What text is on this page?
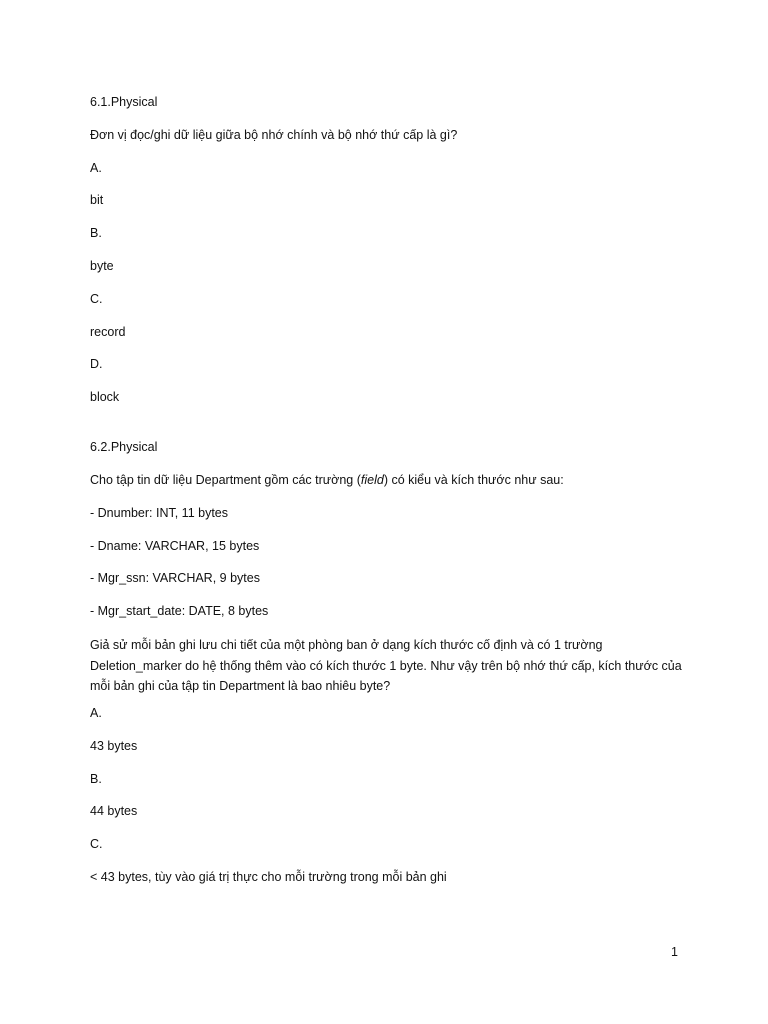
6.1.Physical
Đơn vị đọc/ghi dữ liệu giữa bộ nhớ chính và bộ nhớ thứ cấp là gì?
A.
bit
B.
byte
C.
record
D.
block
6.2.Physical
Cho tập tin dữ liệu Department gồm các trường (field) có kiểu và kích thước như sau:
- Dnumber: INT, 11 bytes
- Dname: VARCHAR, 15 bytes
- Mgr_ssn: VARCHAR, 9 bytes
- Mgr_start_date: DATE, 8 bytes
Giả sử mỗi bản ghi lưu chi tiết của một phòng ban ở dạng kích thước cố định và có 1 trường Deletion_marker do hệ thống thêm vào có kích thước 1 byte. Như vậy trên bộ nhớ thứ cấp, kích thước của mỗi bản ghi của tập tin Department là bao nhiêu byte?
A.
43 bytes
B.
44 bytes
C.
< 43 bytes, tùy vào giá trị thực cho mỗi trường trong mỗi bản ghi
1
